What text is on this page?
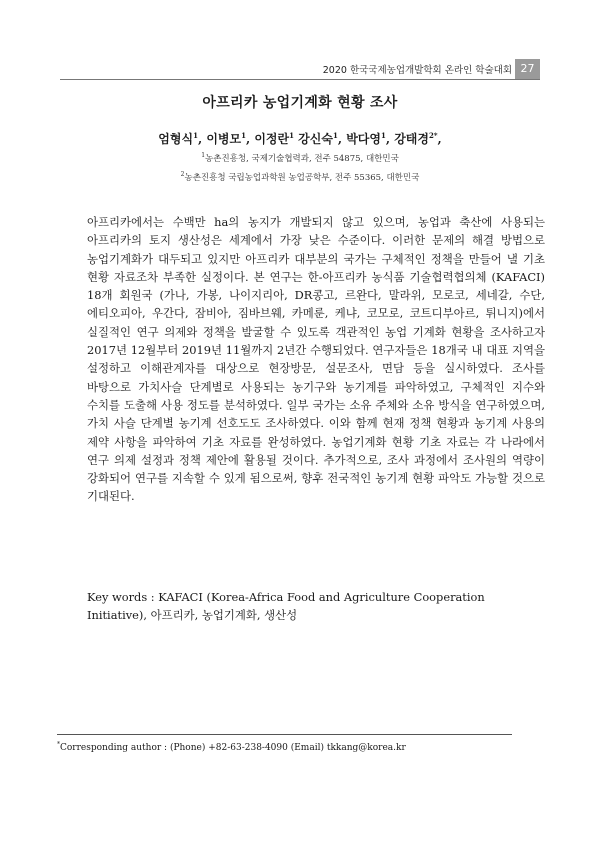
2020 한국국제농업개발학회 온라인 학술대회 27
아프리카 농업기계화 현황 조사
엄형식$^1$, 이병모$^1$, 이정란$^1$ 강신숙$^1$, 박다영$^1$, 강태경$^{2*}$,
$^1$농촌진흥청, 국제기술협력과, 전주 54875, 대한민국
$^2$농촌진흥청 국립농업과학원 농업공학부, 전주 55365, 대한민국

아프리카에서는 수백만 ha의 농지가 개발되지 않고 있으며, 농업과 축산에 사용되는 아프리카의 토지 생산성은 세계에서 가장 낮은 수준이다. 이러한 문제의 해결 방법으로 농업기계화가 대두되고 있지만 아프리카 대부분의 국가는 구체적인 정책을 만들어 낼 기초 현황 자료조차 부족한 실정이다. 본 연구는 한-아프리카 농식품 기술협력협의체 (KAFACI) 18개 회원국 (가나, 가봉, 나이지리아, DR콩고, 르완다, 말라위, 모로코, 세네갈, 수단, 에티오피아, 우간다, 잠비아, 짐바브웨, 카메룬, 케냐, 코모로, 코트디부아르, 튀니지)에서 실질적인 연구 의제와 정책을 발굴할 수 있도록 객관적인 농업 기계화 현황을 조사하고자 2017년 12월부터 2019년 11월까지 2년간 수행되었다. 연구자들은 18개국 내 대표 지역을 설정하고 이해관계자를 대상으로 현장방문, 설문조사, 면담 등을 실시하였다. 조사를 바탕으로 가치사슬 단계별로 사용되는 농기구와 농기계를 파악하였고, 구체적인 지수와 수치를 도출해 사용 정도를 분석하였다. 일부 국가는 소유 주체와 소유 방식을 연구하였으며, 가치 사슬 단계별 농기계 선호도도 조사하였다. 이와 함께 현재 정책 현황과 농기계 사용의 제약 사항을 파악하여 기초 자료를 완성하였다. 농업기계화 현황 기초 자료는 각 나라에서 연구 의제 설정과 정책 제안에 활용될 것이다. 추가적으로, 조사 과정에서 조사원의 역량이 강화되어 연구를 지속할 수 있게 됨으로써, 향후 전국적인 농기계 현황 파악도 가능할 것으로 기대된다.

Key words : KAFACI (Korea-Africa Food and Agriculture Cooperation Initiative), 아프리카, 농업기계화, 생산성

*Corresponding author : (Phone) +82-63-238-4090 (Email) tkkang@korea.kr
